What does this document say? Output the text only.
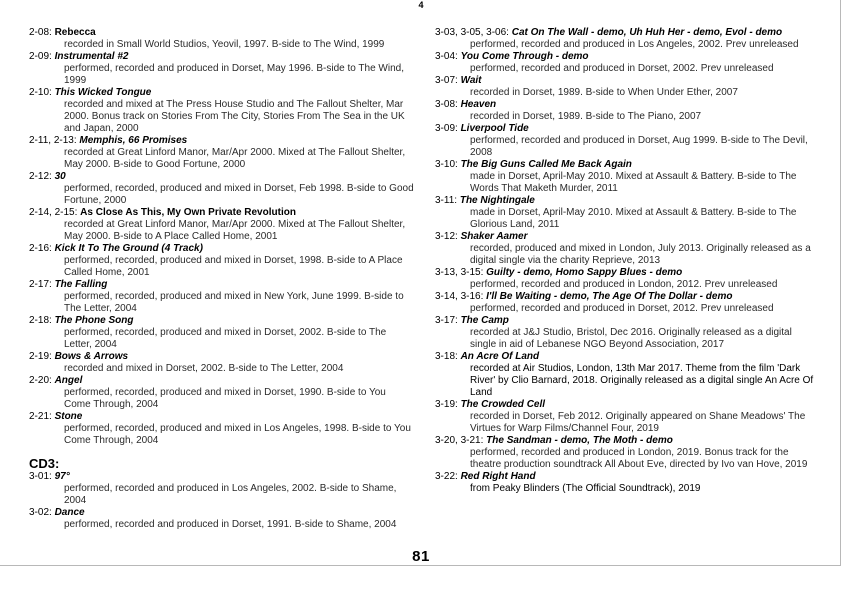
4
2-08: Rebecca
recorded in Small World Studios, Yeovil, 1997. B-side to The Wind, 1999
2-09: Instrumental #2
performed, recorded and produced in Dorset, May 1996. B-side to The Wind, 1999
2-10: This Wicked Tongue
recorded and mixed at The Press House Studio and The Fallout Shelter, Mar 2000. Bonus track on Stories From The City, Stories From The Sea in the UK and Japan, 2000
2-11, 2-13: Memphis, 66 Promises
recorded at Great Linford Manor, Mar/Apr 2000. Mixed at The Fallout Shelter, May 2000. B-side to Good Fortune, 2000
2-12: 30
performed, recorded, produced and mixed in Dorset, Feb 1998. B-side to Good Fortune, 2000
2-14, 2-15: As Close As This, My Own Private Revolution
recorded at Great Linford Manor, Mar/Apr 2000. Mixed at The Fallout Shelter, May 2000. B-side to A Place Called Home, 2001
2-16: Kick It To The Ground (4 Track)
performed, recorded, produced and mixed in Dorset, 1998. B-side to A Place Called Home, 2001
2-17: The Falling
performed, recorded, produced and mixed in New York, June 1999. B-side to The Letter, 2004
2-18: The Phone Song
performed, recorded, produced and mixed in Dorset, 2002. B-side to The Letter, 2004
2-19: Bows & Arrows
recorded and mixed in Dorset, 2002. B-side to The Letter, 2004
2-20: Angel
performed, recorded, produced and mixed in Dorset, 1990. B-side to You Come Through, 2004
2-21: Stone
performed, recorded, produced and mixed in Los Angeles, 1998. B-side to You Come Through, 2004
CD3:
3-01: 97°
performed, recorded and produced in Los Angeles, 2002. B-side to Shame, 2004
3-02: Dance
performed, recorded and produced in Dorset, 1991. B-side to Shame, 2004
3-03, 3-05, 3-06: Cat On The Wall - demo, Uh Huh Her - demo, Evol - demo
performed, recorded and produced in Los Angeles, 2002. Prev unreleased
3-04: You Come Through - demo
performed, recorded and produced in Dorset, 2002. Prev unreleased
3-07: Wait
recorded in Dorset, 1989. B-side to When Under Ether, 2007
3-08: Heaven
recorded in Dorset, 1989. B-side to The Piano, 2007
3-09: Liverpool Tide
performed, recorded and produced in Dorset, Aug 1999. B-side to The Devil, 2008
3-10: The Big Guns Called Me Back Again
made in Dorset, April-May 2010. Mixed at Assault & Battery. B-side to The Words That Maketh Murder, 2011
3-11: The Nightingale
made in Dorset, April-May 2010. Mixed at Assault & Battery. B-side to The Glorious Land, 2011
3-12: Shaker Aamer
recorded, produced and mixed in London, July 2013. Originally released as a digital single via the charity Reprieve, 2013
3-13, 3-15: Guilty - demo, Homo Sappy Blues - demo
performed, recorded and produced in London, 2012. Prev unreleased
3-14, 3-16: I'll Be Waiting - demo, The Age Of The Dollar - demo
performed, recorded and produced in Dorset, 2012. Prev unreleased
3-17: The Camp
recorded at J&J Studio, Bristol, Dec 2016. Originally released as a digital single in aid of Lebanese NGO Beyond Association, 2017
3-18: An Acre Of Land
recorded at Air Studios, London, 13th Mar 2017. Theme from the film 'Dark River' by Clio Barnard, 2018. Originally released as a digital single An Acre Of Land
3-19: The Crowded Cell
recorded in Dorset, Feb 2012. Originally appeared on Shane Meadows' The Virtues for Warp Films/Channel Four, 2019
3-20, 3-21: The Sandman - demo, The Moth - demo
performed, recorded and produced in London, 2019. Bonus track for the theatre production soundtrack All About Eve, directed by Ivo van Hove, 2019
3-22: Red Right Hand
from Peaky Blinders (The Official Soundtrack), 2019
81
